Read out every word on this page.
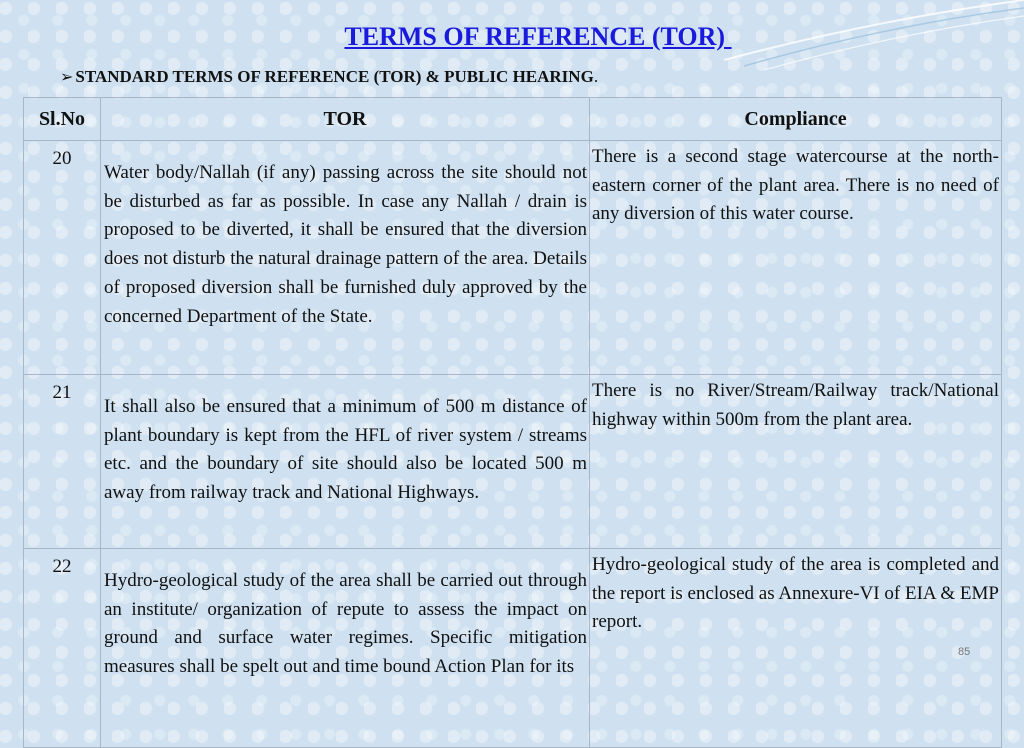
TERMS OF REFERENCE (TOR)
➢ STANDARD TERMS OF REFERENCE (TOR) & PUBLIC HEARING.
Sl.No	TOR	Compliance
20	Water body/Nallah (if any) passing across the site should not be disturbed as far as possible. In case any Nallah / drain is proposed to be diverted, it shall be ensured that the diversion does not disturb the natural drainage pattern of the area. Details of proposed diversion shall be furnished duly approved by the concerned Department of the State.	There is a second stage watercourse at the north-eastern corner of the plant area. There is no need of any diversion of this water course.
21	It shall also be ensured that a minimum of 500 m distance of plant boundary is kept from the HFL of river system / streams etc. and the boundary of site should also be located 500 m away from railway track and National Highways.	There is no River/Stream/Railway track/National highway within 500m from the plant area.
22	Hydro-geological study of the area shall be carried out through an institute/ organization of repute to assess the impact on ground and surface water regimes. Specific mitigation measures shall be spelt out and time bound Action Plan for its	Hydro-geological study of the area is completed and the report is enclosed as Annexure-VI of EIA & EMP report.
85
